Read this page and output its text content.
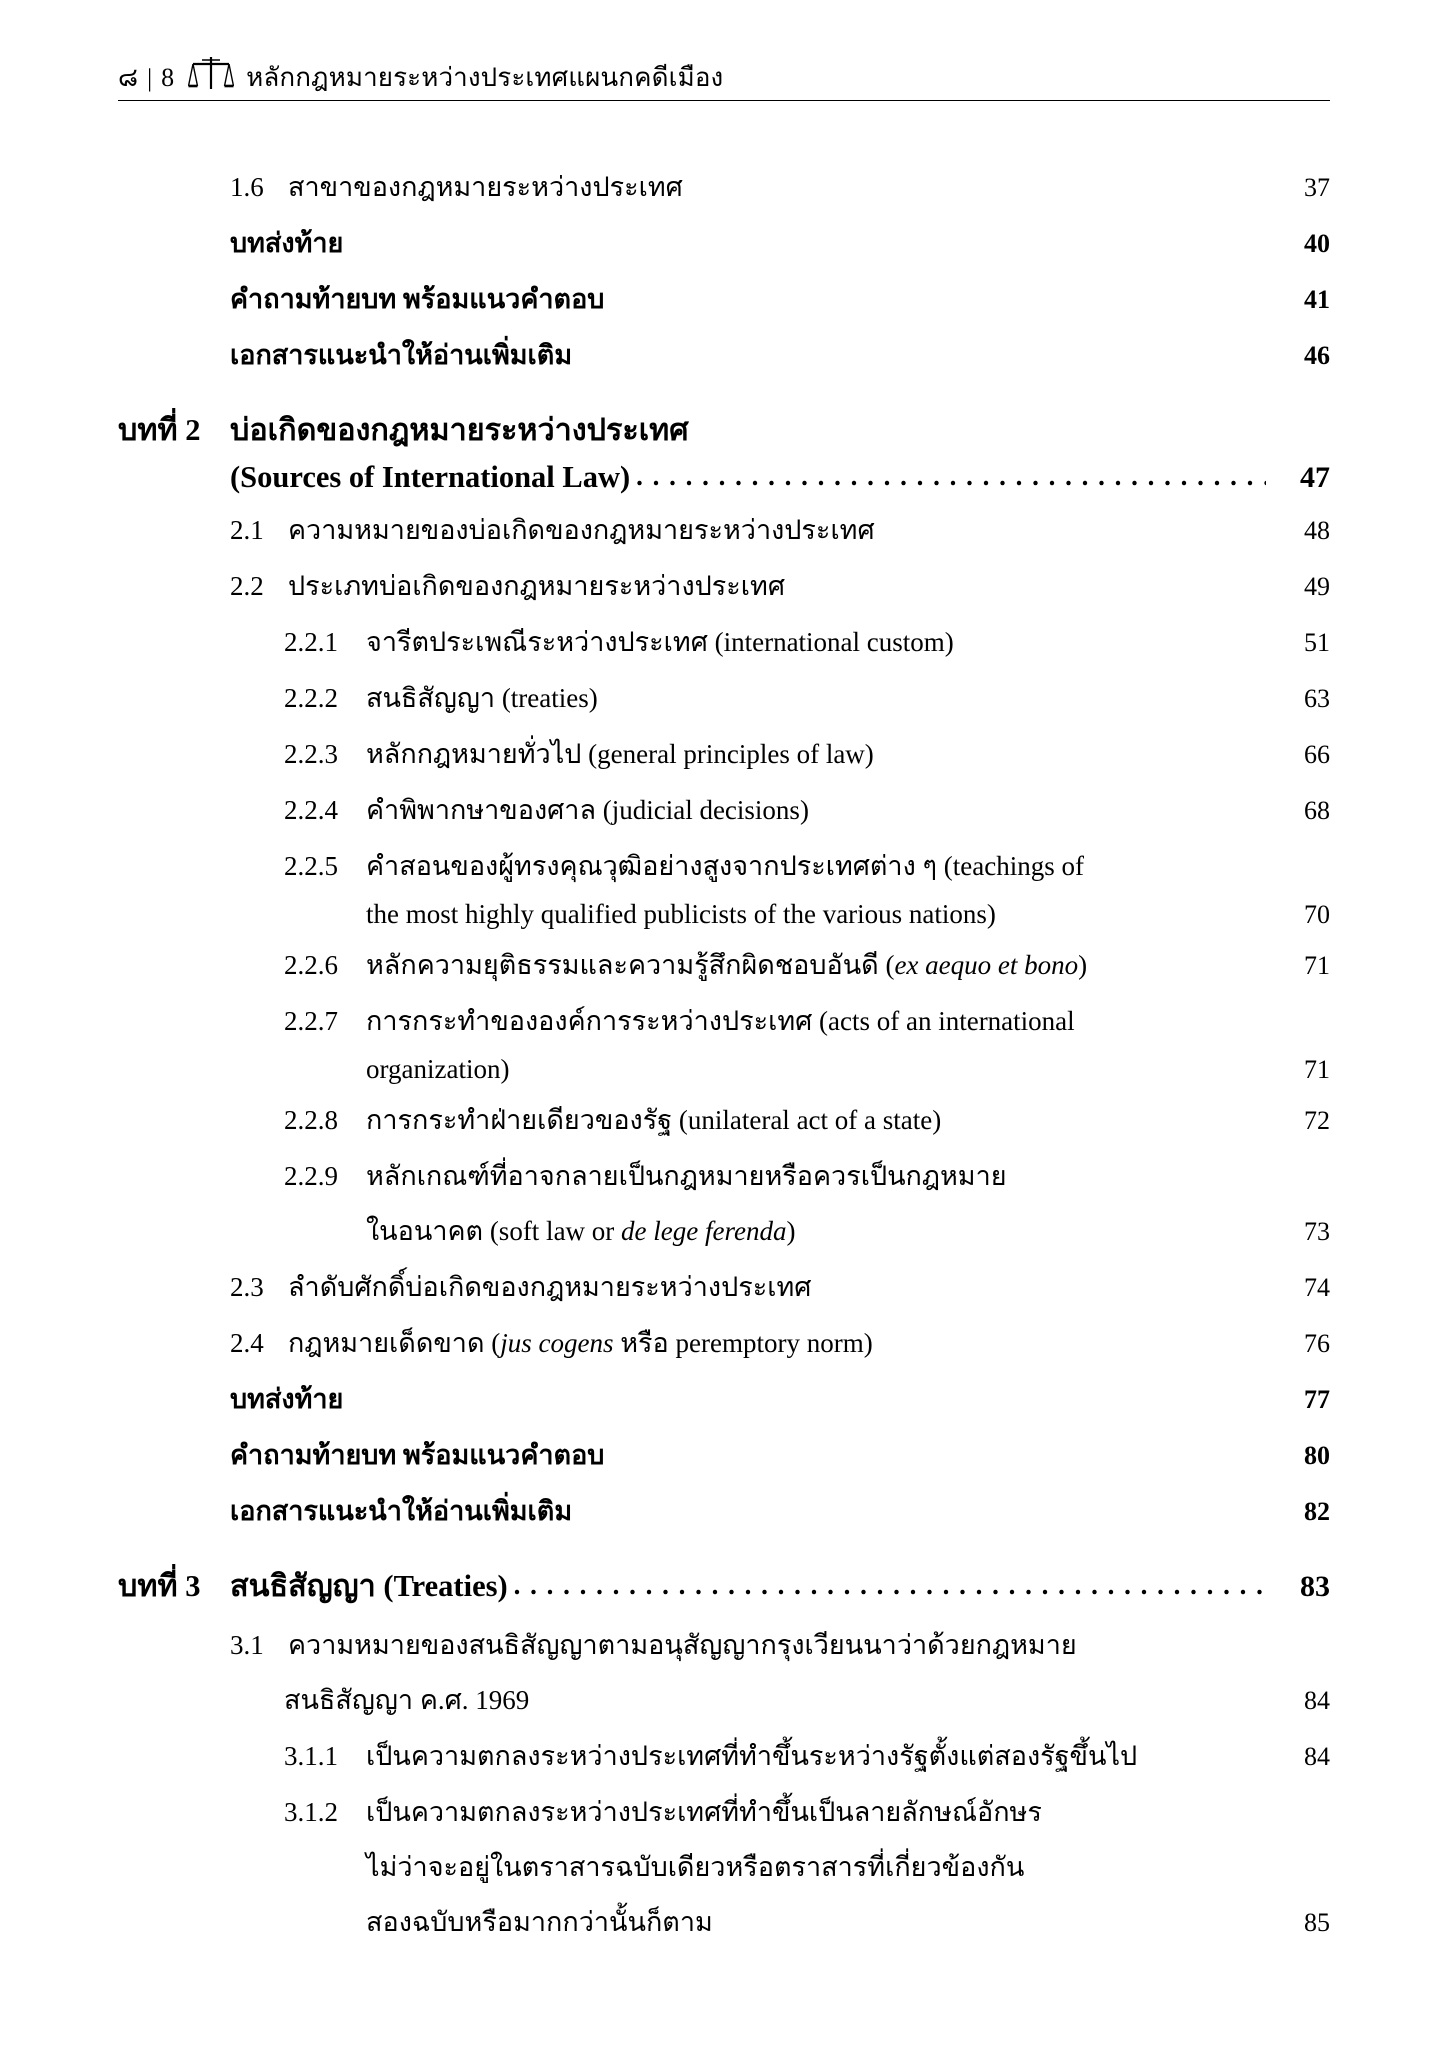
๘ | 8	หลักกฎหมายระหว่างประเทศแผนกคดีเมือง
1.6 สาขาของกฎหมายระหว่างประเทศ	37
บทส่งท้าย	40
คำถามท้ายบท พร้อมแนวคำตอบ	41
เอกสารแนะนำให้อ่านเพิ่มเติม	46
บทที่ 2 บ่อเกิดของกฎหมายระหว่างประเทศ
(Sources of International Law) . . .	47
2.1 ความหมายของบ่อเกิดของกฎหมายระหว่างประเทศ	48
2.2 ประเภทบ่อเกิดของกฎหมายระหว่างประเทศ	49
2.2.1	จารีตประเพณีระหว่างประเทศ (international custom)	51
2.2.2	สนธิสัญญา (treaties)	63
2.2.3	หลักกฎหมายทั่วไป (general principles of law)	66
2.2.4	คำพิพากษาของศาล (judicial decisions)	68
2.2.5	คำสอนของผู้ทรงคุณวุฒิอย่างสูงจากประเทศต่าง ๆ (teachings of
the most highly qualified publicists of the various nations)	70
2.2.6	หลักความยุติธรรมและความรู้สึกผิดชอบอันดี (ex aequo et bono)	71
2.2.7	การกระทำขององค์การระหว่างประเทศ (acts of an international
organization)	71
2.2.8	การกระทำฝ่ายเดียวของรัฐ (unilateral act of a state)	72
2.2.9	หลักเกณฑ์ที่อาจกลายเป็นกฎหมายหรือควรเป็นกฎหมาย
ในอนาคต (soft law or de lege ferenda)	73
2.3 ลำดับศักดิ์บ่อเกิดของกฎหมายระหว่างประเทศ	74
2.4 กฎหมายเด็ดขาด (jus cogens หรือ peremptory norm)	76
บทส่งท้าย	77
คำถามท้ายบท พร้อมแนวคำตอบ	80
เอกสารแนะนำให้อ่านเพิ่มเติม	82
บทที่ 3 สนธิสัญญา (Treaties) . . .	83
3.1 ความหมายของสนธิสัญญาตามอนุสัญญากรุงเวียนนาว่าด้วยกฎหมาย
สนธิสัญญา ค.ศ. 1969	84
3.1.1	เป็นความตกลงระหว่างประเทศที่ทำขึ้นระหว่างรัฐตั้งแต่สองรัฐขึ้นไป	84
3.1.2	เป็นความตกลงระหว่างประเทศที่ทำขึ้นเป็นลายลักษณ์อักษร
ไม่ว่าจะอยู่ในตราสารฉบับเดียวหรือตราสารที่เกี่ยวข้องกัน
สองฉบับหรือมากกว่านั้นก็ตาม	85
